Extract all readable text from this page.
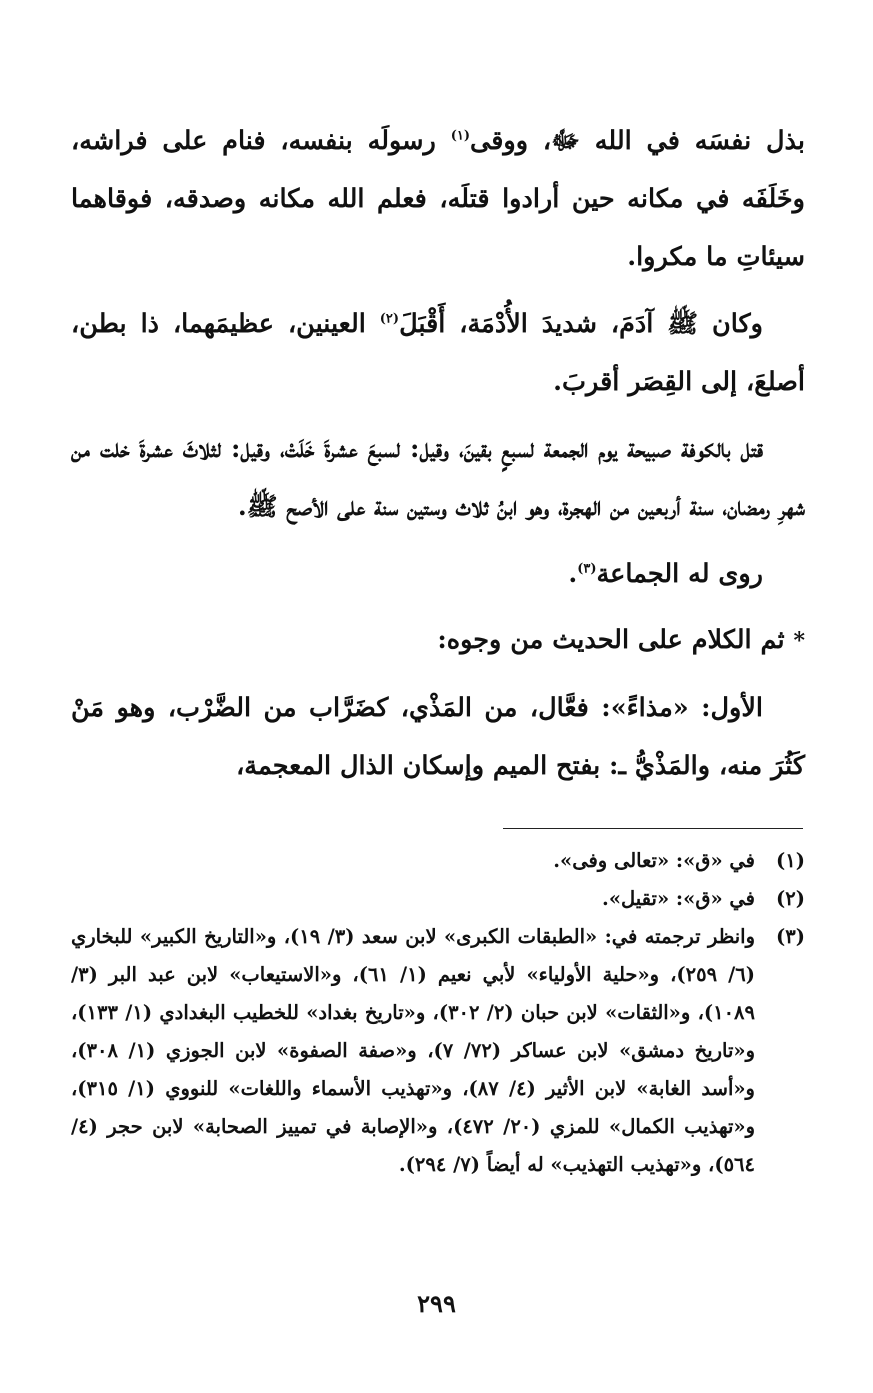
بذل نفسَه في الله ﷻ، ووقى$^{(١)}$ رسولَه بنفسه، فنام على فراشه، وخَلَفَه في مكانه حين أرادوا قتلَه، فعلم الله مكانه وصدقه، فوقاهما سيئاتِ ما مكروا.

وكان ﷺ آدَمَ، شديدَ الأُدْمَة، أَقْبَلَ$^{(٢)}$ العينين، عظيمَهما، ذا بطن، أصلعَ، إلى القِصَر أقربَ.

قتل بالكوفة صبيحة يوم الجمعة لسبعٍ بقينَ، وقيل: لسبعَ عشرةَ خَلَتْ، وقيل: لثلاثَ عشرةَ خلت من شهرِ رمضان، سنة أربعين من الهجرة، وهو ابنُ ثلاث وستين سنة على الأصح ﷺ.

روى له الجماعة$^{(٣)}$.

* ثم الكلام على الحديث من وجوه:

الأول: «مذاءً»: فعَّال، من المَذْي، كضَرَّاب من الضَّرْب، وهو مَنْ كَثُرَ منه، والمَذْيُّ ـ: بفتح الميم وإسكان الذال المعجمة،

(١)
في «ق»: «تعالى وفى».
(٢)
في «ق»: «تقيل».
(٣)
وانظر ترجمته في: «الطبقات الكبرى» لابن سعد (٣/ ١٩)، و«التاريخ الكبير» للبخاري (٦/ ٢٥٩)، و«حلية الأولياء» لأبي نعيم (١/ ٦١)، و«الاستيعاب» لابن عبد البر (٣/ ١٠٨٩)، و«الثقات» لابن حبان (٢/ ٣٠٢)، و«تاريخ بغداد» للخطيب البغدادي (١/ ١٣٣)، و«تاريخ دمشق» لابن عساكر (٧٢/ ٧)، و«صفة الصفوة» لابن الجوزي (١/ ٣٠٨)، و«أسد الغابة» لابن الأثير (٤/ ٨٧)، و«تهذيب الأسماء واللغات» للنووي (١/ ٣١٥)، و«تهذيب الكمال» للمزي (٢٠/ ٤٧٢)، و«الإصابة في تمييز الصحابة» لابن حجر (٤/ ٥٦٤)، و«تهذيب التهذيب» له أيضاً (٧/ ٢٩٤).
٢٩٩
